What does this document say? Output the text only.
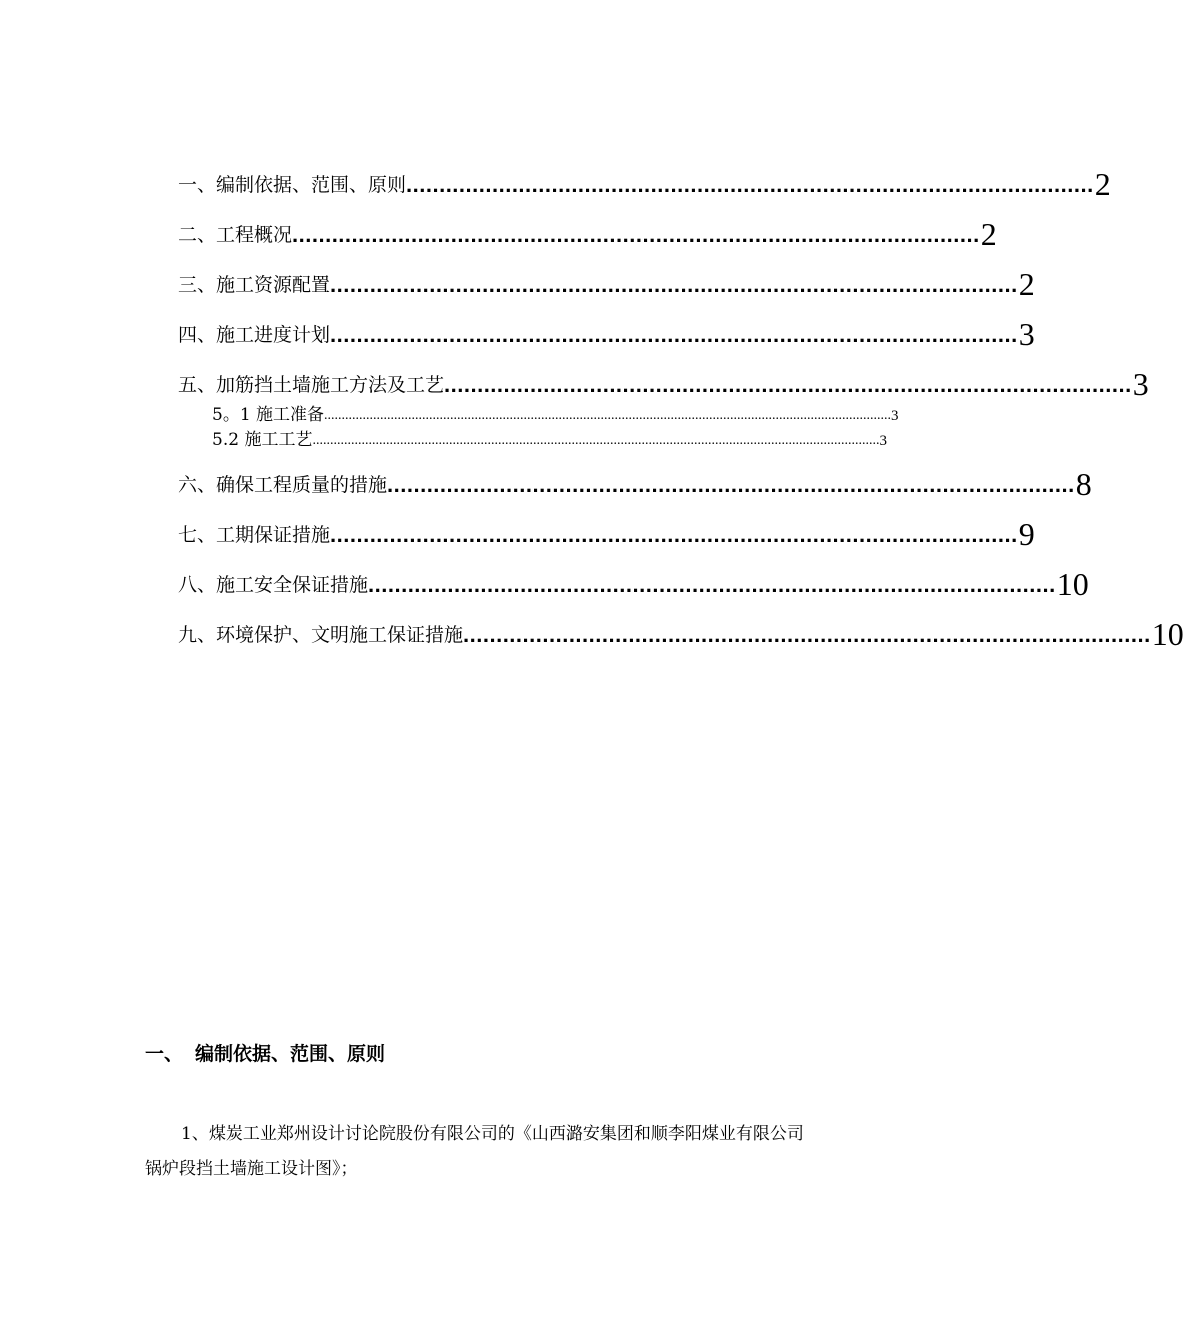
一、编制依据、范围、原则 ........................................................................................................ 2
二、工程概况 ........................................................................................................ 2
三、施工资源配置 ........................................................................................................ 2
四、施工进度计划 ........................................................................................................ 3
五、加筋挡土墙施工方法及工艺 ........................................................................................................ 3
5。1 施工准备 .................................................................................................................................................................. 3
5.2 施工工艺 .................................................................................................................................................................. 3
六、确保工程质量的措施 ........................................................................................................ 8
七、工期保证措施 ........................................................................................................ 9
八、施工安全保证措施 ........................................................................................................ 10
九、环境保护、文明施工保证措施 ........................................................................................................ 10
一、 编制依据、范围、原则

1、煤炭工业郑州设计讨论院股份有限公司的《山西潞安集团和顺李阳煤业有限公司锅炉段挡土墙施工设计图》；
